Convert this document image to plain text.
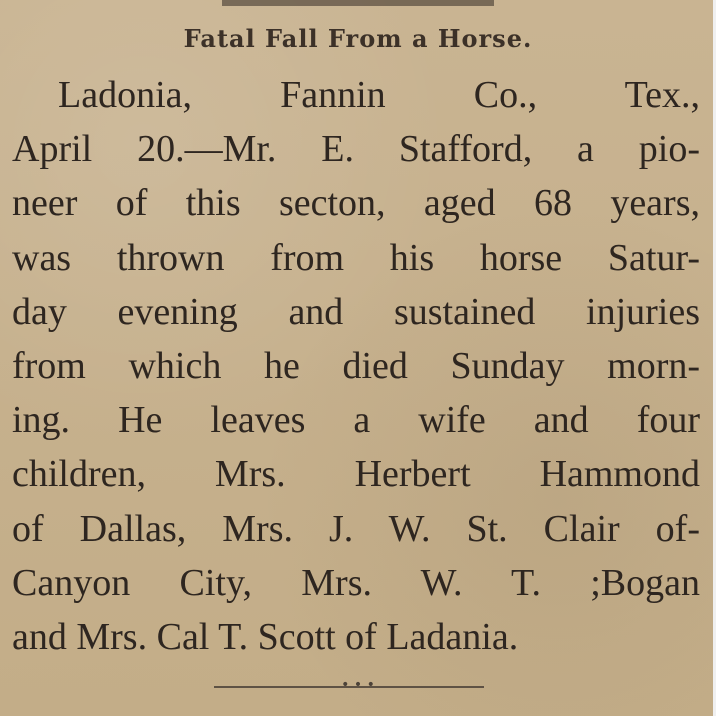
Fatal Fall From a Horse.
Ladonia, Fannin Co., Tex.,
April 20.—Mr. E. Stafford, a pio-
neer of this secton, aged 68 years,
was thrown from his horse Satur-
day evening and sustained injuries
from which he died Sunday morn-
ing. He leaves a wife and four
children, Mrs. Herbert Hammond
of Dallas, Mrs. J. W. St. Clair of-
Canyon City, Mrs. W. T. ;Bogan
and Mrs. Cal T. Scott of Ladania.
• • •
